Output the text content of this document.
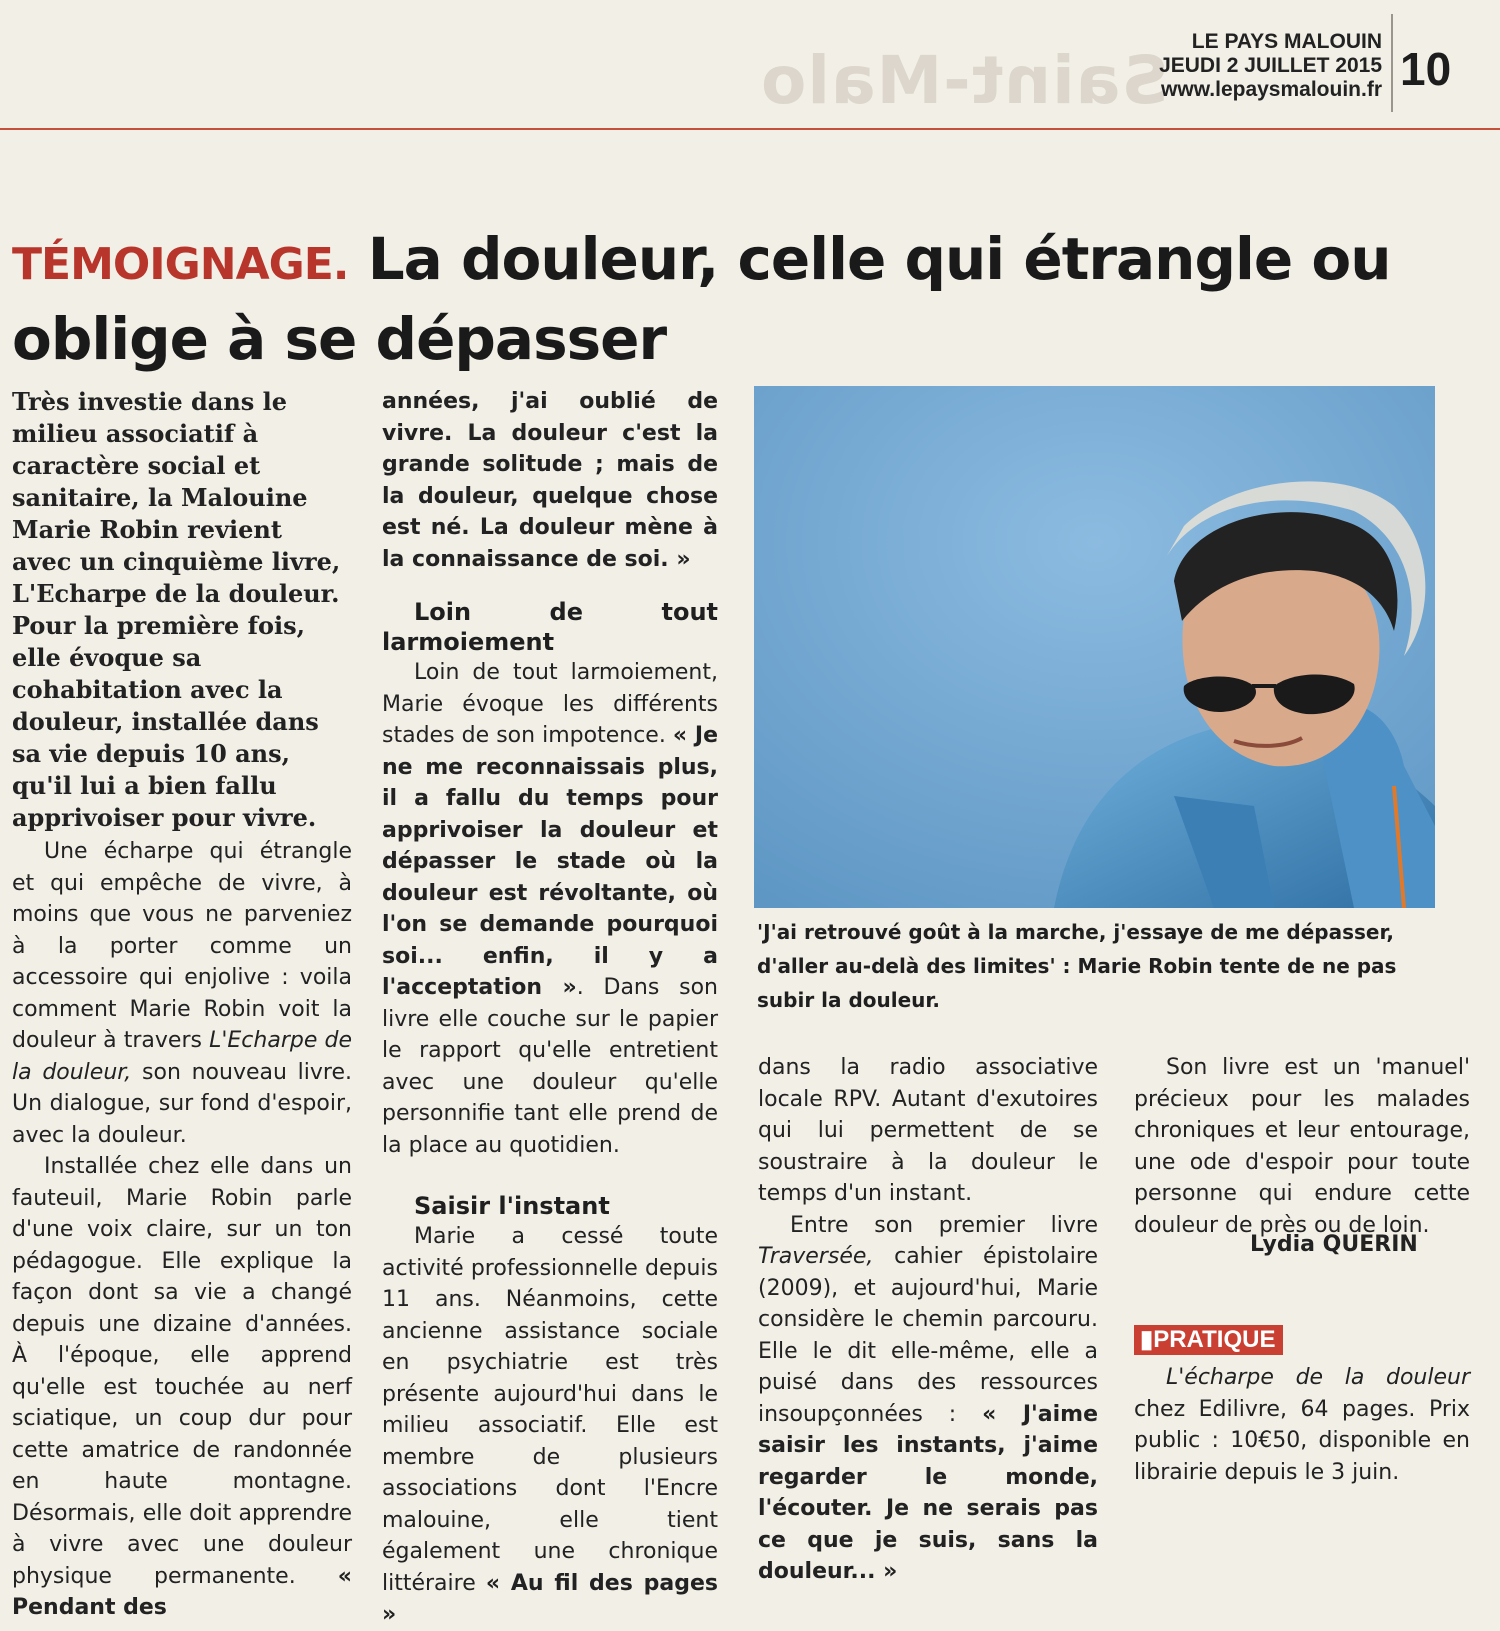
Saint-Malo
LE PAYS MALOUIN
JEUDI 2 JUILLET 2015
www.lepaysmalouin.fr 10
TÉMOIGNAGE. La douleur, celle qui étrangle ou oblige à se dépasser
Très investie dans le milieu associatif à caractère social et sanitaire, la Malouine Marie Robin revient avec un cinquième livre, L'Echarpe de la douleur. Pour la première fois, elle évoque sa cohabitation avec la douleur, installée dans sa vie depuis 10 ans, qu'il lui a bien fallu apprivoiser pour vivre.

Une écharpe qui étrangle et qui empêche de vivre, à moins que vous ne parveniez à la porter comme un accessoire qui enjolive : voila comment Marie Robin voit la douleur à travers L'Echarpe de la douleur, son nouveau livre. Un dialogue, sur fond d'espoir, avec la douleur.

Installée chez elle dans un fauteuil, Marie Robin parle d'une voix claire, sur un ton pédagogue. Elle explique la façon dont sa vie a changé depuis une dizaine d'années. À l'époque, elle apprend qu'elle est touchée au nerf sciatique, un coup dur pour cette amatrice de randonnée en haute montagne. Désormais, elle doit apprendre à vivre avec une douleur physique permanente. « Pendant des

années, j'ai oublié de vivre. La douleur c'est la grande solitude ; mais de la douleur, quelque chose est né. La douleur mène à la connaissance de soi. »

Loin de tout larmoiement

Loin de tout larmoiement, Marie évoque les différents stades de son impotence. « Je ne me reconnaissais plus, il a fallu du temps pour apprivoiser la douleur et dépasser le stade où la douleur est révoltante, où l'on se demande pourquoi soi... enfin, il y a l'acceptation ». Dans son livre elle couche sur le papier le rapport qu'elle entretient avec une douleur qu'elle personnifie tant elle prend de la place au quotidien.

Saisir l'instant

Marie a cessé toute activité professionnelle depuis 11 ans. Néanmoins, cette ancienne assistance sociale en psychiatrie est très présente aujourd'hui dans le milieu associatif. Elle est membre de plusieurs associations dont l'Encre malouine, elle tient également une chronique littéraire « Au fil des pages »

'J'ai retrouvé goût à la marche, j'essaye de me dépasser, d'aller au-delà des limites' : Marie Robin tente de ne pas subir la douleur.

dans la radio associative locale RPV. Autant d'exutoires qui lui permettent de se soustraire à la douleur le temps d'un instant.

Entre son premier livre Traversée, cahier épistolaire (2009), et aujourd'hui, Marie considère le chemin parcouru. Elle le dit elle-même, elle a puisé dans des ressources insoupçonnées : « J'aime saisir les instants, j'aime regarder le monde, l'écouter. Je ne serais pas ce que je suis, sans la douleur... »

Son livre est un 'manuel' précieux pour les malades chroniques et leur entourage, une ode d'espoir pour toute personne qui endure cette douleur de près ou de loin.

Lydia QUERIN
▮PRATIQUE

L'écharpe de la douleur chez Edilivre, 64 pages. Prix public : 10€50, disponible en librairie depuis le 3 juin.
